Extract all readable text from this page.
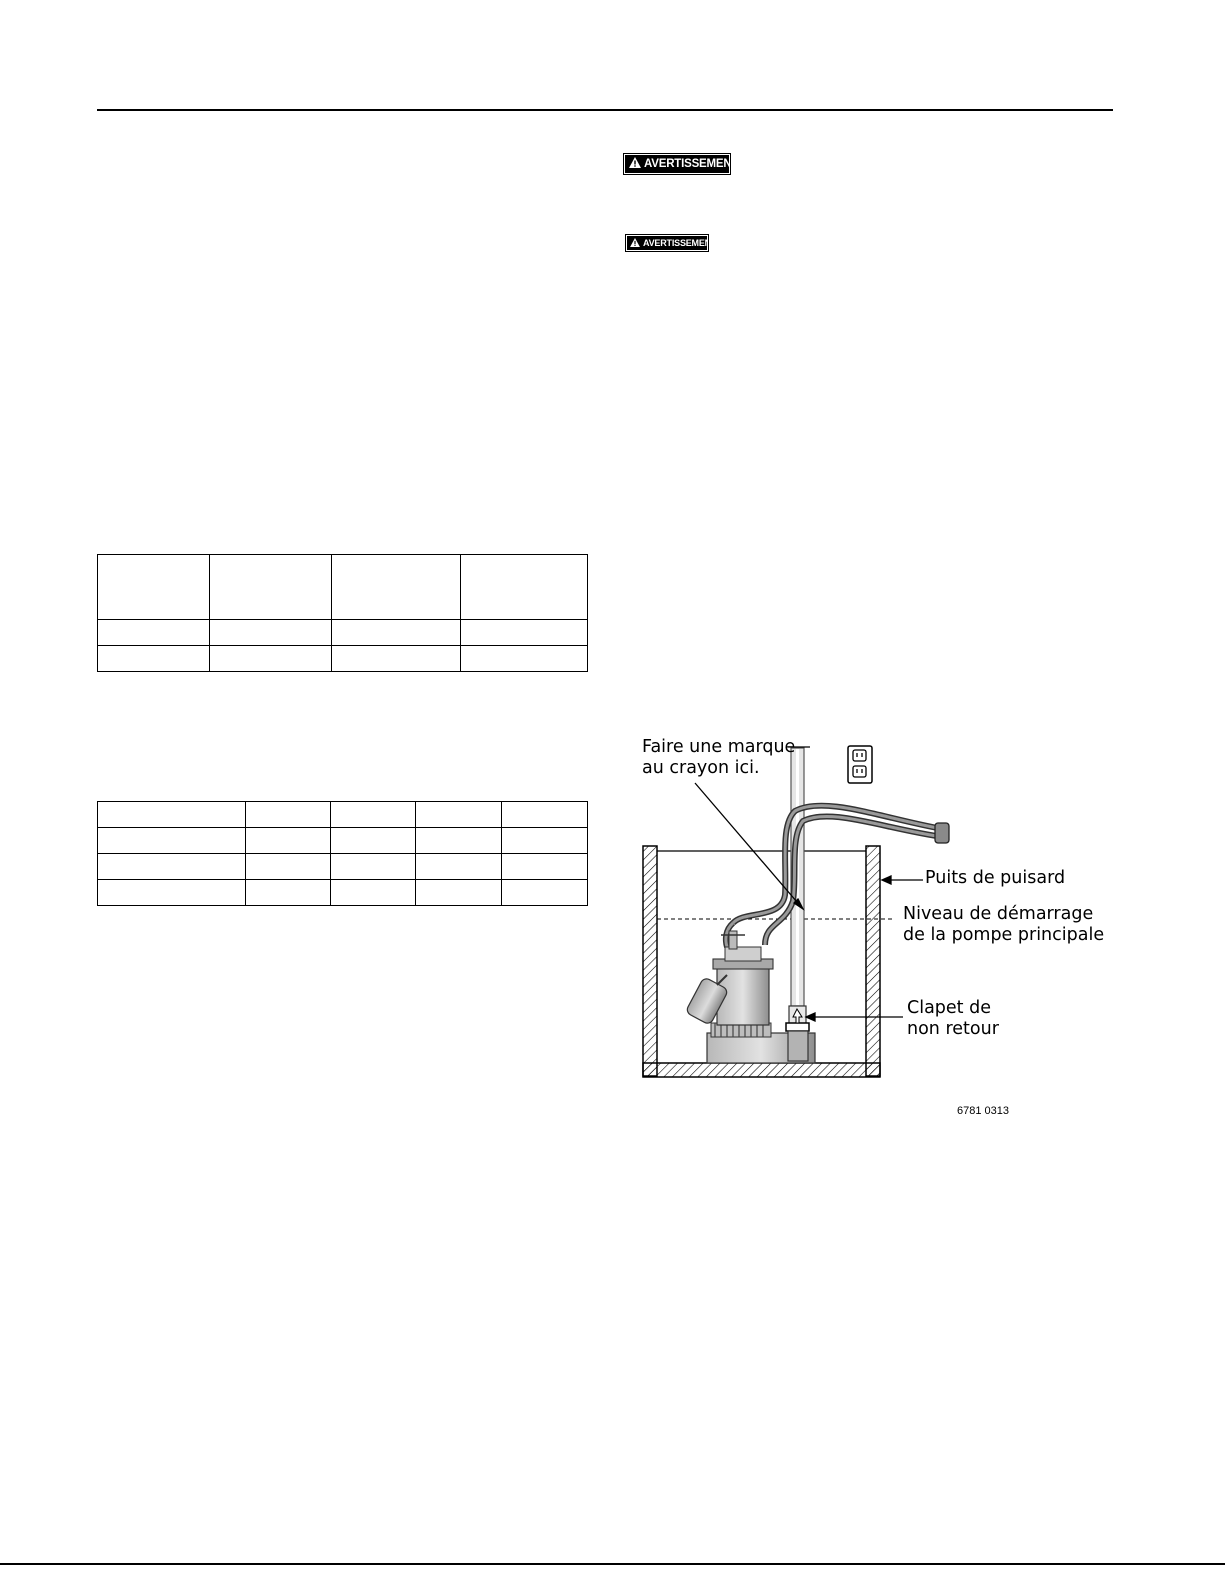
AVERTISSEMENT
AVERTISSEMENT

Faire une marque
au crayon ici.
Puits de puisard
Niveau de démarrage
de la pompe principale
Clapet de
non retour
6781 0313
